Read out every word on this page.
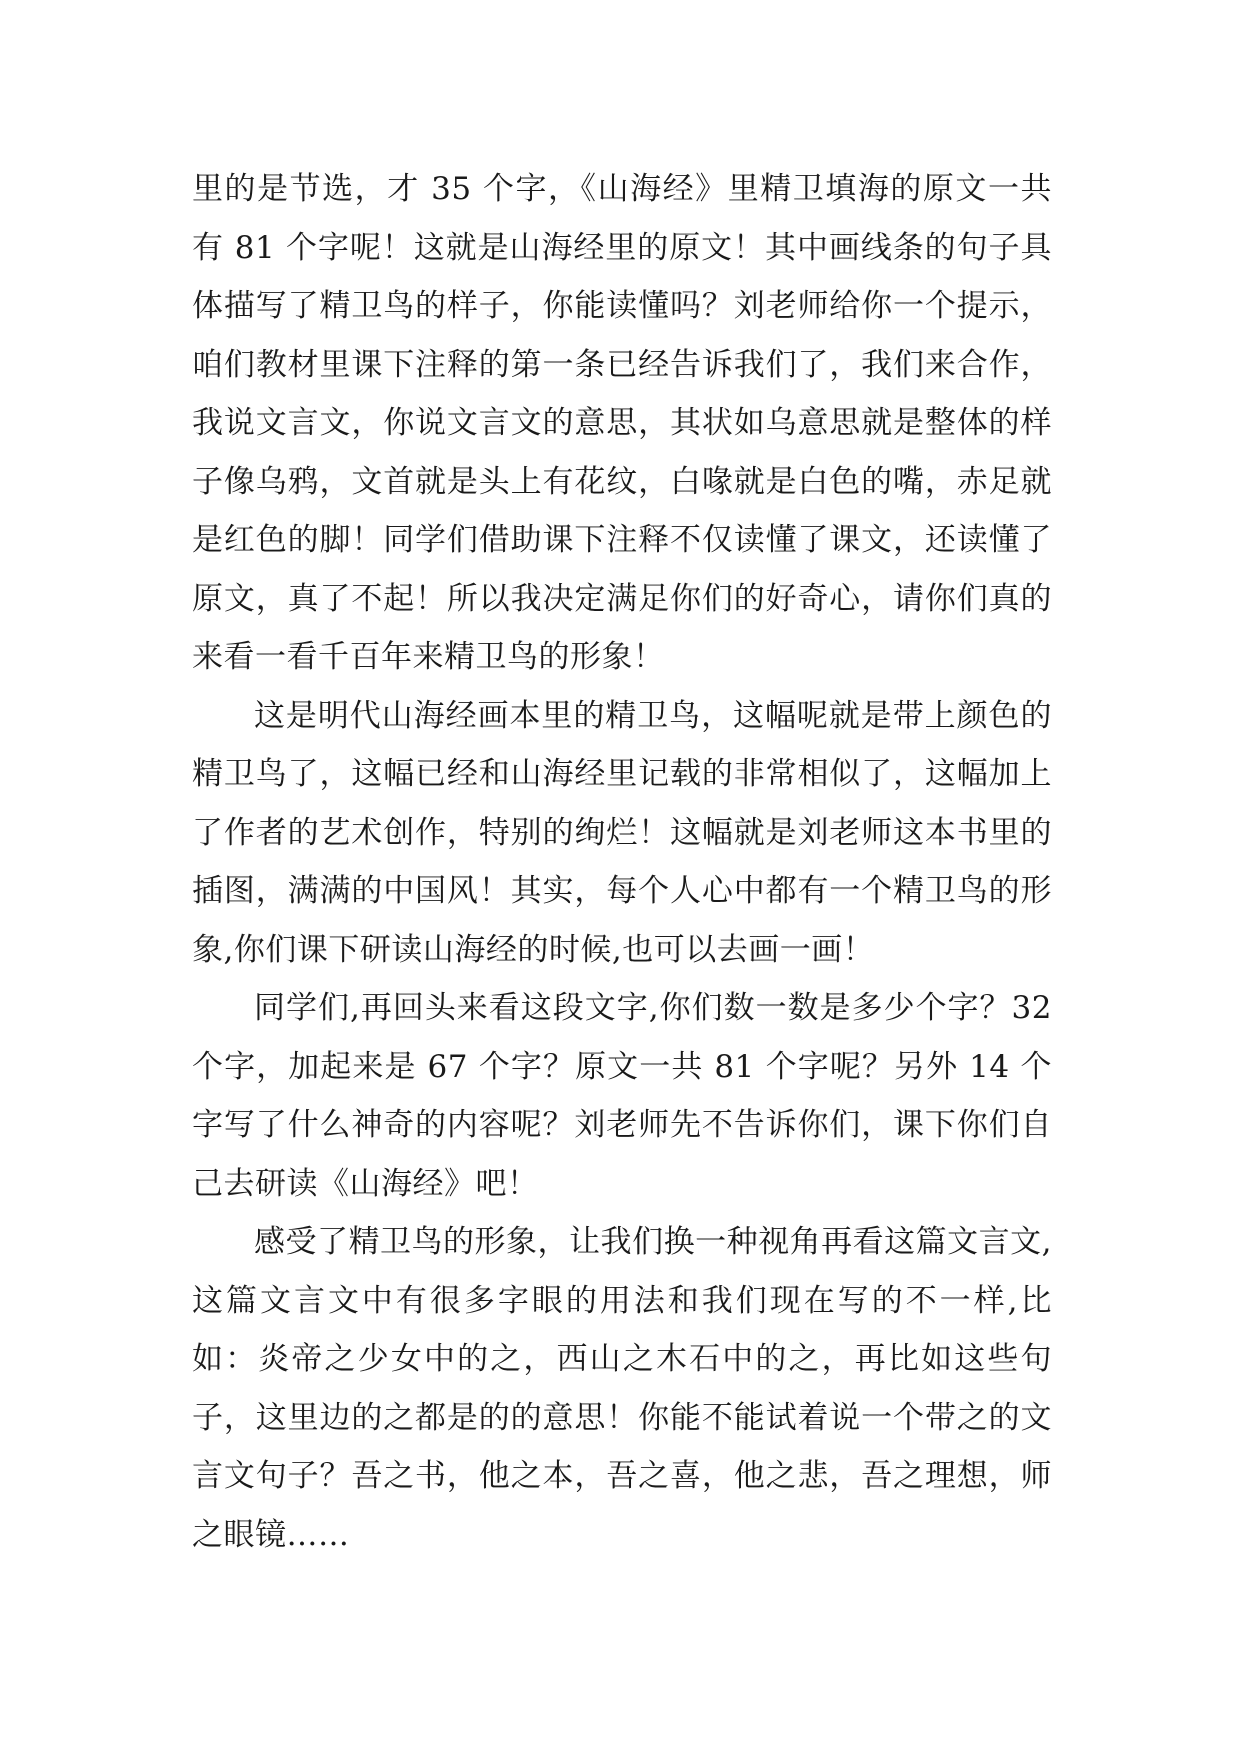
里的是节选，才 35 个字，《山海经》里精卫填海的原文一共有 81 个字呢！这就是山海经里的原文！其中画线条的句子具体描写了精卫鸟的样子，你能读懂吗？刘老师给你一个提示，咱们教材里课下注释的第一条已经告诉我们了，我们来合作，我说文言文，你说文言文的意思，其状如乌意思就是整体的样子像乌鸦，文首就是头上有花纹，白喙就是白色的嘴，赤足就是红色的脚！同学们借助课下注释不仅读懂了课文，还读懂了原文，真了不起！所以我决定满足你们的好奇心，请你们真的来看一看千百年来精卫鸟的形象！

这是明代山海经画本里的精卫鸟，这幅呢就是带上颜色的精卫鸟了，这幅已经和山海经里记载的非常相似了，这幅加上了作者的艺术创作，特别的绚烂！这幅就是刘老师这本书里的插图，满满的中国风！其实，每个人心中都有一个精卫鸟的形象,你们课下研读山海经的时候,也可以去画一画！

同学们,再回头来看这段文字,你们数一数是多少个字？32 个字，加起来是 67 个字？原文一共 81 个字呢？另外 14 个字写了什么神奇的内容呢？刘老师先不告诉你们，课下你们自己去研读《山海经》吧！

感受了精卫鸟的形象，让我们换一种视角再看这篇文言文,这篇文言文中有很多字眼的用法和我们现在写的不一样,比如：炎帝之少女中的之，西山之木石中的之，再比如这些句子，这里边的之都是的的意思！你能不能试着说一个带之的文言文句子？吾之书，他之本，吾之喜，他之悲，吾之理想，师之眼镜……
